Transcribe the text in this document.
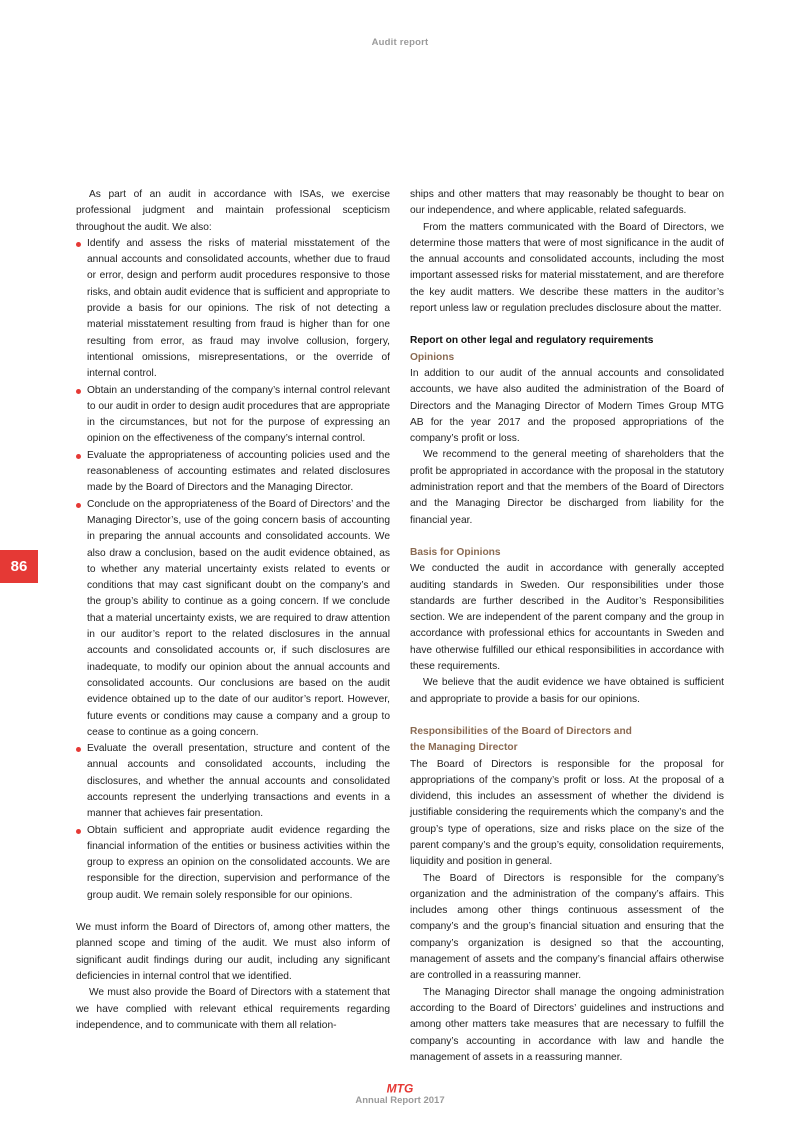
Audit report
86

As part of an audit in accordance with ISAs, we exercise professional judgment and maintain professional scepticism throughout the audit. We also:

Identify and assess the risks of material misstatement of the annual accounts and consolidated accounts, whether due to fraud or error, design and perform audit procedures responsive to those risks, and obtain audit evidence that is sufficient and appropriate to provide a basis for our opinions. The risk of not detecting a material misstatement resulting from fraud is higher than for one resulting from error, as fraud may involve collusion, forgery, intentional omissions, misrepresentations, or the override of internal control.
Obtain an understanding of the company’s internal control relevant to our audit in order to design audit procedures that are appropriate in the circumstances, but not for the purpose of expressing an opinion on the effectiveness of the company’s internal control.
Evaluate the appropriateness of accounting policies used and the reasonableness of accounting estimates and related disclosures made by the Board of Directors and the Managing Director.
Conclude on the appropriateness of the Board of Directors’ and the Managing Director’s, use of the going concern basis of accounting in preparing the annual accounts and consolidated accounts. We also draw a conclusion, based on the audit evidence obtained, as to whether any material uncertainty exists related to events or conditions that may cast significant doubt on the company’s and the group’s ability to continue as a going concern. If we conclude that a material uncertainty exists, we are required to draw attention in our auditor’s report to the related disclosures in the annual accounts and consolidated accounts or, if such disclosures are inadequate, to modify our opinion about the annual accounts and consolidated accounts. Our conclusions are based on the audit evidence obtained up to the date of our auditor’s report. However, future events or conditions may cause a company and a group to cease to continue as a going concern.
Evaluate the overall presentation, structure and content of the annual accounts and consolidated accounts, including the disclosures, and whether the annual accounts and consolidated accounts represent the underlying transactions and events in a manner that achieves fair presentation.
Obtain sufficient and appropriate audit evidence regarding the financial information of the entities or business activities within the group to express an opinion on the consolidated accounts. We are responsible for the direction, supervision and performance of the group audit. We remain solely responsible for our opinions.

We must inform the Board of Directors of, among other matters, the planned scope and timing of the audit. We must also inform of significant audit findings during our audit, including any significant deficiencies in internal control that we identified.

We must also provide the Board of Directors with a statement that we have complied with relevant ethical requirements regarding independence, and to communicate with them all relation-

ships and other matters that may reasonably be thought to bear on our independence, and where applicable, related safeguards.

From the matters communicated with the Board of Directors, we determine those matters that were of most significance in the audit of the annual accounts and consolidated accounts, including the most important assessed risks for material misstatement, and are therefore the key audit matters. We describe these matters in the auditor’s report unless law or regulation precludes disclosure about the matter.

Report on other legal and regulatory requirements

Opinions

In addition to our audit of the annual accounts and consolidated accounts, we have also audited the administration of the Board of Directors and the Managing Director of Modern Times Group MTG AB for the year 2017 and the proposed appropriations of the company’s profit or loss.

We recommend to the general meeting of shareholders that the profit be appropriated in accordance with the proposal in the statutory administration report and that the members of the Board of Directors and the Managing Director be discharged from liability for the financial year.

Basis for Opinions

We conducted the audit in accordance with generally accepted auditing standards in Sweden. Our responsibilities under those standards are further described in the Auditor’s Responsibilities section. We are independent of the parent company and the group in accordance with professional ethics for accountants in Sweden and have otherwise fulfilled our ethical responsibilities in accordance with these requirements.

We believe that the audit evidence we have obtained is sufficient and appropriate to provide a basis for our opinions.

Responsibilities of the Board of Directors and
the Managing Director

The Board of Directors is responsible for the proposal for appropriations of the company’s profit or loss. At the proposal of a dividend, this includes an assessment of whether the dividend is justifiable considering the requirements which the company’s and the group’s type of operations, size and risks place on the size of the parent company’s and the group’s equity, consolidation requirements, liquidity and position in general.

The Board of Directors is responsible for the company’s organization and the administration of the company’s affairs. This includes among other things continuous assessment of the company’s and the group’s financial situation and ensuring that the company’s organization is designed so that the accounting, management of assets and the company’s financial affairs otherwise are controlled in a reassuring manner.

The Managing Director shall manage the ongoing administration according to the Board of Directors’ guidelines and instructions and among other matters take measures that are necessary to fulfill the company’s accounting in accordance with law and handle the management of assets in a reassuring manner.

MTG
Annual Report 2017
